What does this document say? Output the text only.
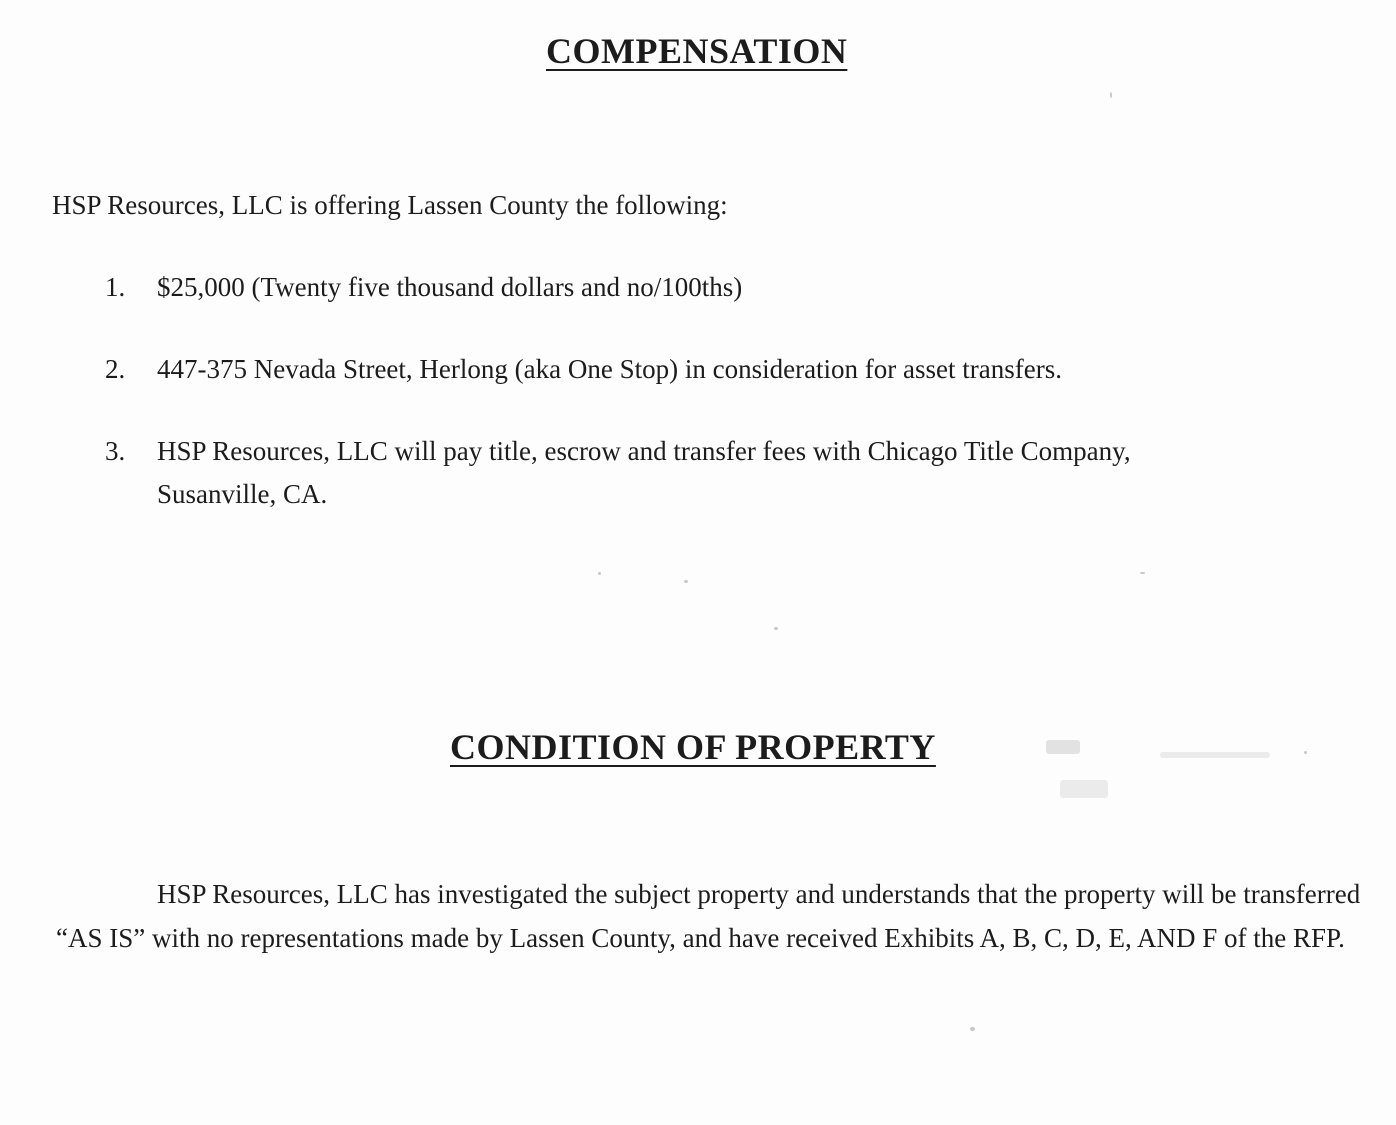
COMPENSATION

HSP Resources, LLC is offering Lassen County the following:

1.	$25,000 (Twenty five thousand dollars and no/100ths)
2.	447-375 Nevada Street, Herlong (aka One Stop) in consideration for asset transfers.
3.	HSP Resources, LLC will pay title, escrow and transfer fees with Chicago Title Company,
Susanville, CA.
CONDITION OF PROPERTY

HSP Resources, LLC has investigated the subject property and understands that the property will be transferred “AS IS” with no representations made by Lassen County, and have received Exhibits A, B, C, D, E, AND F of the RFP.
